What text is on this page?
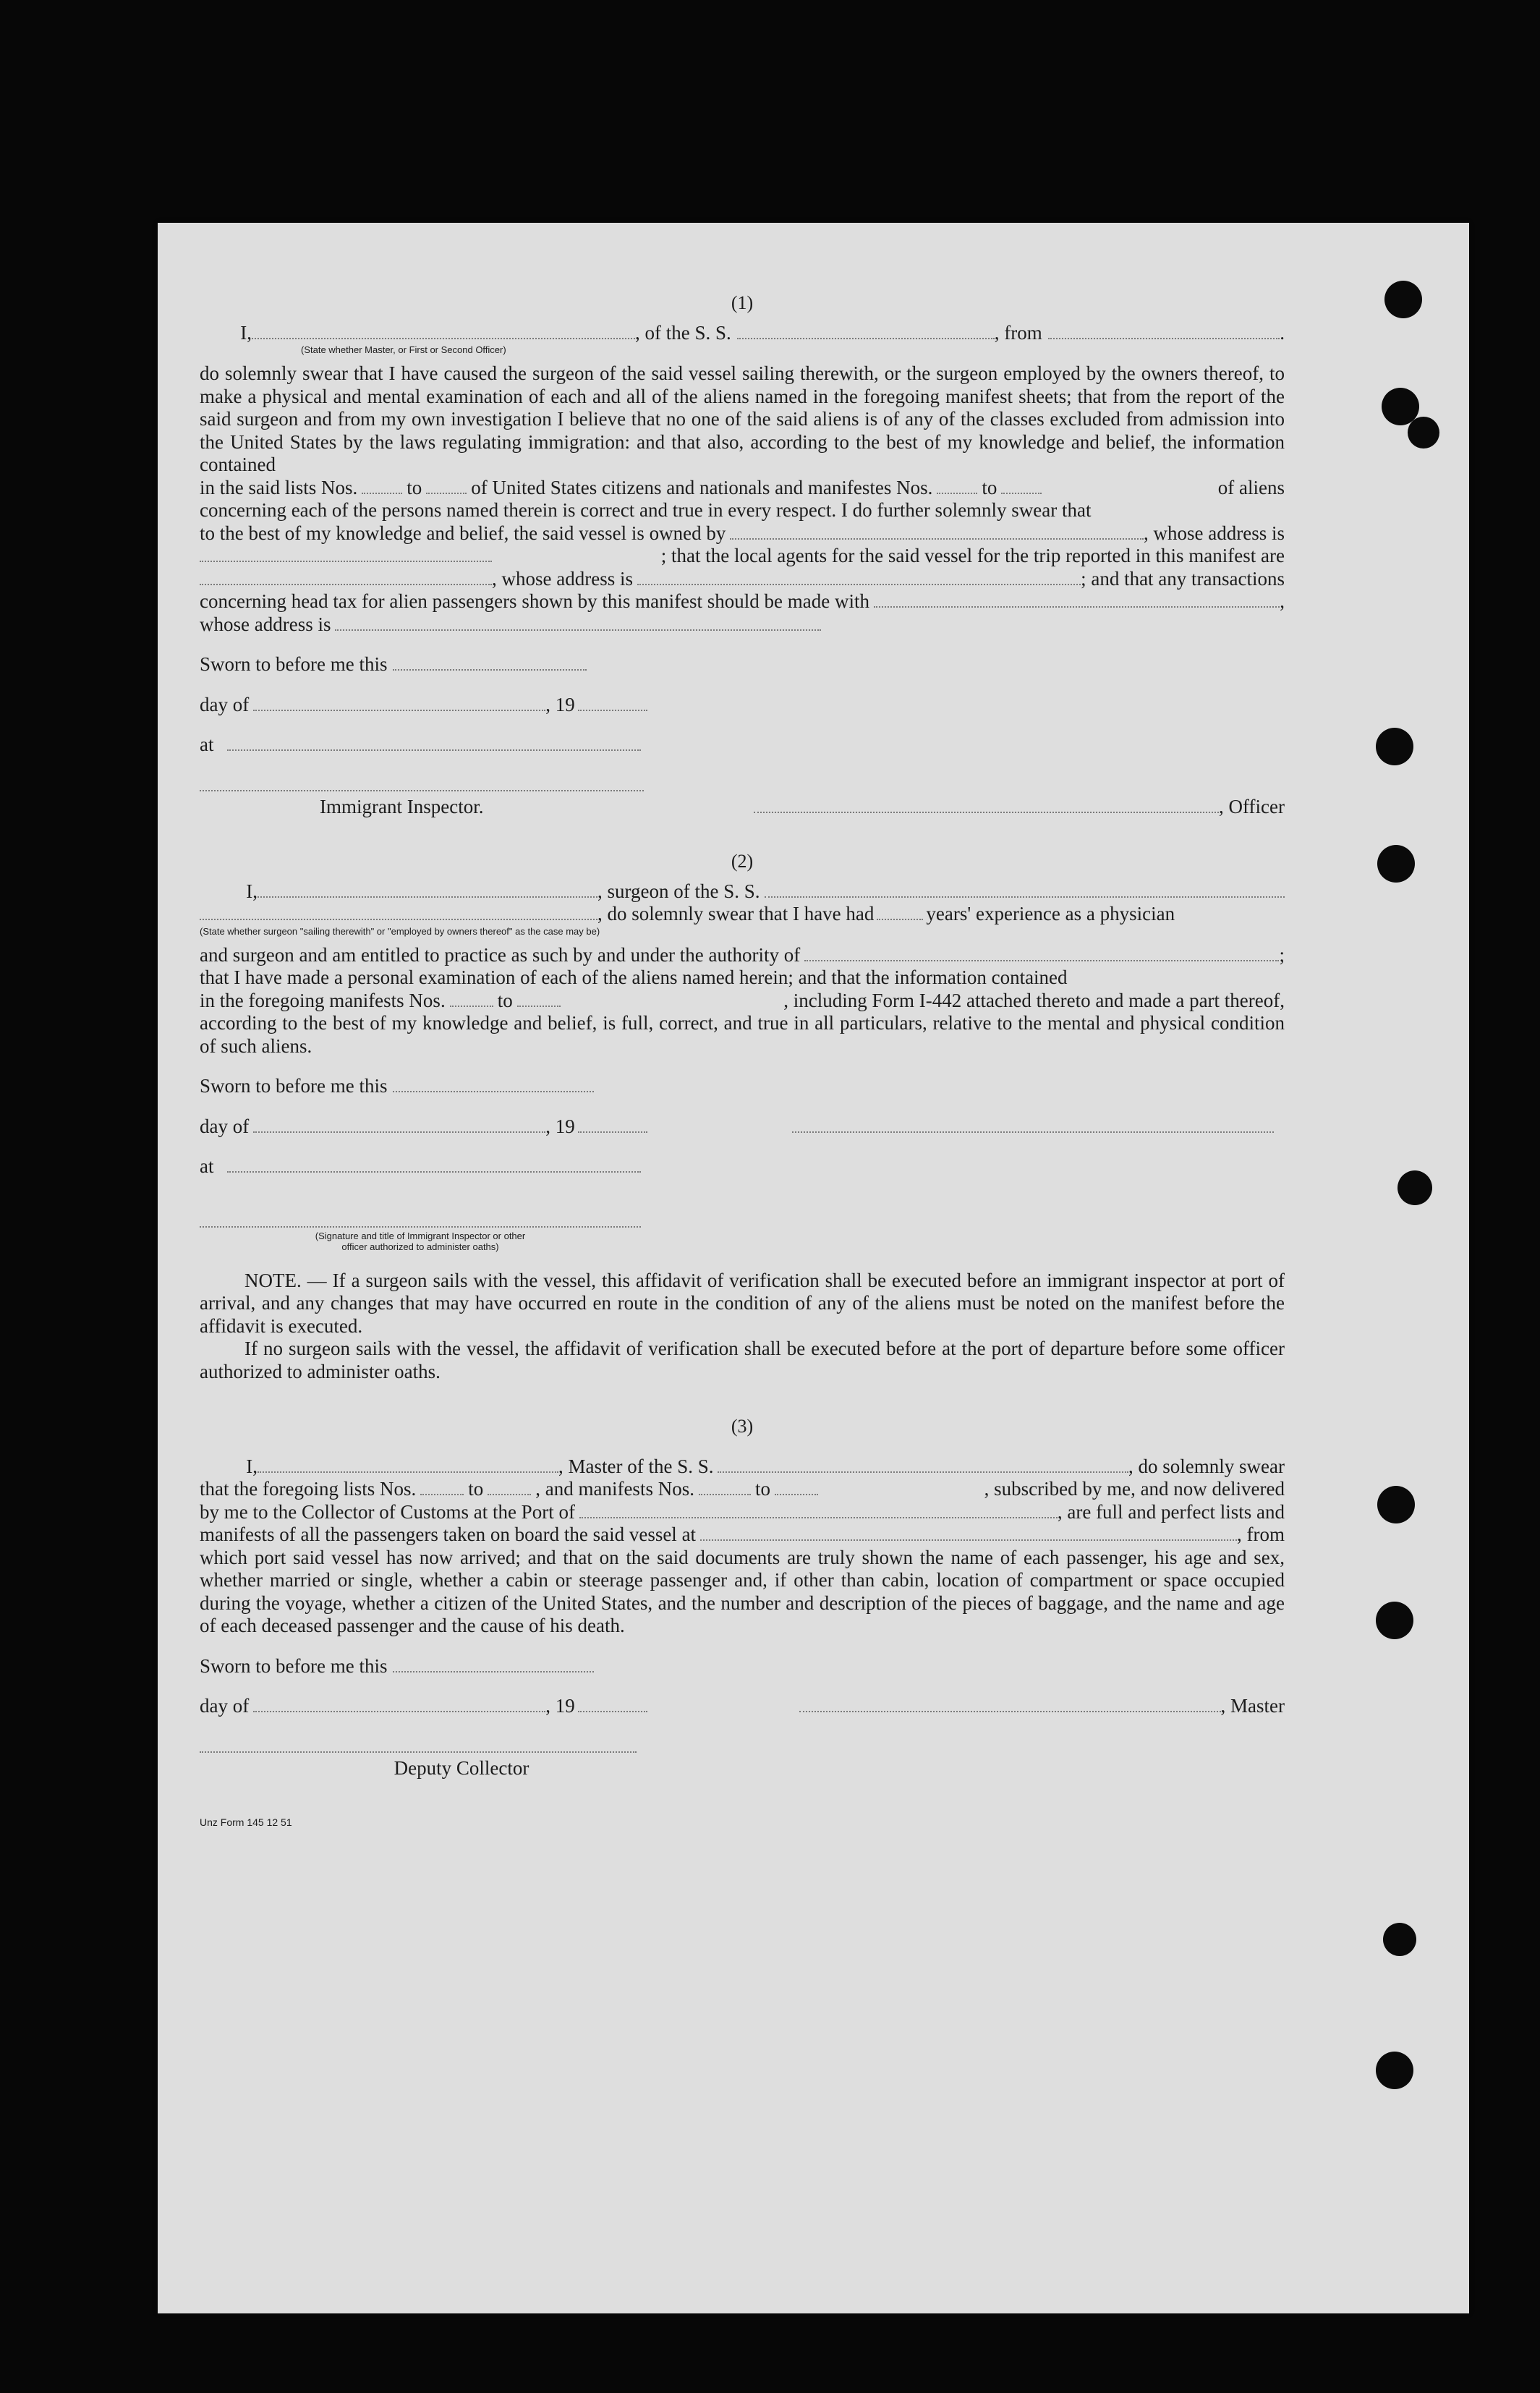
(1)

I,	, of the S. S.	, from	.
(State whether Master, or First or Second Officer)

do solemnly swear that I have caused the surgeon of the said vessel sailing therewith, or the surgeon employed by the owners thereof, to make a physical and mental examination of each and all of the aliens named in the foregoing manifest sheets; that from the report of the said surgeon and from my own investigation I believe that no one of the said aliens is of any of the classes excluded from admission into the United States by the laws regulating immigration: and that also, according to the best of my knowledge and belief, the information contained

in the said lists Nos.	to	of United States citizens and nationals and manifestes Nos.	to	of aliens

concerning each of the persons named therein is correct and true in every respect. I do further solemnly swear that

to the best of my knowledge and belief, the said vessel is owned by	, whose address is
; that the local agents for the said vessel for the trip reported in this manifest are
, whose address is	; and that any transactions
concerning head tax for alien passengers shown by this manifest should be made with	,
whose address is
Sworn to before me this
day of	, 19
at
Immigrant Inspector.	, Officer

(2)

I,	, surgeon of the S. S.
, do solemnly swear that I have had	years' experience as a physician
(State whether surgeon "sailing therewith" or "employed by owners thereof" as the case may be)
and surgeon and am entitled to practice as such by and under the authority of	;

that I have made a personal examination of each of the aliens named herein; and that the information contained

in the foregoing manifests Nos.	to	, including Form I-442 attached thereto and made a part thereof,

according to the best of my knowledge and belief, is full, correct, and true in all particulars, relative to the mental and physical condition of such aliens.

Sworn to before me this
day of	, 19
at
(Signature and title of Immigrant Inspector or other
officer authorized to administer oaths)

NOTE. — If a surgeon sails with the vessel, this affidavit of verification shall be executed before an immigrant inspector at port of arrival, and any changes that may have occurred en route in the condition of any of the aliens must be noted on the manifest before the affidavit is executed.

If no surgeon sails with the vessel, the affidavit of verification shall be executed before at the port of departure before some officer authorized to administer oaths.

(3)

I,	, Master of the S. S.	, do solemnly swear
that the foregoing lists Nos.	to	, and manifests Nos.	to	, subscribed by me, and now delivered
by me to the Collector of Customs at the Port of	, are full and perfect lists and
manifests of all the passengers taken on board the said vessel at	, from

which port said vessel has now arrived; and that on the said documents are truly shown the name of each passenger, his age and sex, whether married or single, whether a cabin or steerage passenger and, if other than cabin, location of compartment or space occupied during the voyage, whether a citizen of the United States, and the number and description of the pieces of baggage, and the name and age of each deceased passenger and the cause of his death.

Sworn to before me this
day of	, 19	, Master
Deputy Collector
Unz Form 145 12 51
